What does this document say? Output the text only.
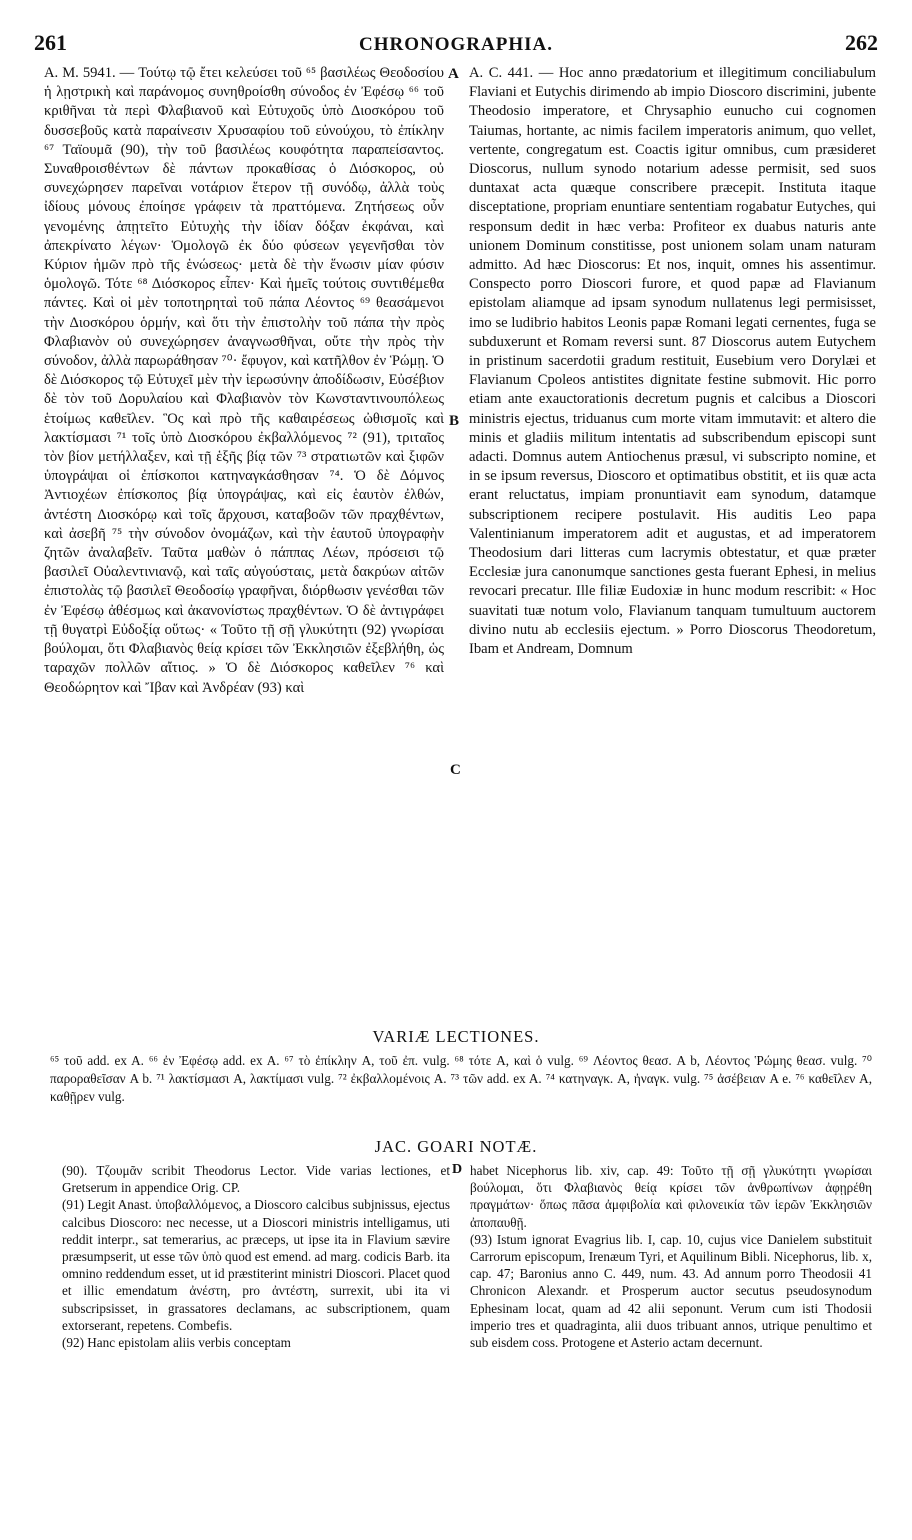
261	CHRONOGRAPHIA.	262

A. M. 5941. — Τούτῳ τῷ ἔτει κελεύσει τοῦ ⁶⁵ βασιλέως Θεοδοσίου ἡ λῃστρικὴ καὶ παράνομος συνηθροίσθη σύνοδος ἐν Ἐφέσῳ ⁶⁶ τοῦ κριθῆναι τὰ περὶ Φλαβιανοῦ καὶ Εὐτυχοῦς ὑπὸ Διοσκόρου τοῦ δυσσεβοῦς κατὰ παραίνεσιν Χρυσαφίου τοῦ εὐνούχου, τὸ ἐπίκλην ⁶⁷ Ταϊουμᾶ (90), τὴν τοῦ βασιλέως κουφότητα παραπείσαντος. Συναθροισθέντων δὲ πάντων προκαθίσας ὁ Διόσκορος, οὐ συνεχώρησεν παρεῖναι νοτάριον ἕτερον τῇ συνόδῳ, ἀλλὰ τοὺς ἰδίους μόνους ἐποίησε γράφειν τὰ πραττόμενα. Ζητήσεως οὖν γενομένης ἀπῃτεῖτο Εὐτυχὴς τὴν ἰδίαν δόξαν ἐκφάναι, καὶ ἀπεκρίνατο λέγων· Ὁμολογῶ ἐκ δύο φύσεων γεγενῆσθαι τὸν Κύριον ἡμῶν πρὸ τῆς ἑνώσεως· μετὰ δὲ τὴν ἕνωσιν μίαν φύσιν ὁμολογῶ. Τότε ⁶⁸ Διόσκορος εἶπεν· Καὶ ἡμεῖς τούτοις συντιθέμεθα πάντες. Καὶ οἱ μὲν τοποτηρηταὶ τοῦ πάπα Λέοντος ⁶⁹ θεασάμενοι τὴν Διοσκόρου ὁρμήν, καὶ ὅτι τὴν ἐπιστολὴν τοῦ πάπα τὴν πρὸς Φλαβιανὸν οὐ συνεχώρησεν ἀναγνωσθῆναι, οὔτε τὴν πρὸς τὴν σύνοδον, ἀλλὰ παρωράθησαν ⁷⁰· ἔφυγον, καὶ κατῆλθον ἐν Ῥώμῃ. Ὁ δὲ Διόσκορος τῷ Εὐτυχεῖ μὲν τὴν ἱερωσύνην ἀποδίδωσιν, Εὐσέβιον δὲ τὸν τοῦ Δορυλαίου καὶ Φλαβιανὸν τὸν Κωνσταντινουπόλεως ἑτοίμως καθεῖλεν. Ὃς καὶ πρὸ τῆς καθαιρέσεως ὠθισμοῖς καὶ λακτίσμασι ⁷¹ τοῖς ὑπὸ Διοσκόρου ἐκβαλλόμενος ⁷² (91), τριταῖος τὸν βίον μετήλλαξεν, καὶ τῇ ἑξῆς βίᾳ τῶν ⁷³ στρατιωτῶν καὶ ξιφῶν ὑπογράψαι οἱ ἐπίσκοποι κατηναγκάσθησαν ⁷⁴. Ὁ δὲ Δόμνος Ἀντιοχέων ἐπίσκοπος βίᾳ ὑπογράψας, καὶ εἰς ἑαυτὸν ἐλθών, ἀντέστη Διοσκόρῳ καὶ τοῖς ἄρχουσι, καταβοῶν τῶν πραχθέντων, καὶ ἀσεβῆ ⁷⁵ τὴν σύνοδον ὀνομάζων, καὶ τὴν ἑαυτοῦ ὑπογραφὴν ζητῶν ἀναλαβεῖν. Ταῦτα μαθὼν ὁ πάππας Λέων, πρόσεισι τῷ βασιλεῖ Οὐαλεντινιανῷ, καὶ ταῖς αὐγούσταις, μετὰ δακρύων αἰτῶν ἐπιστολὰς τῷ βασιλεῖ Θεοδοσίῳ γραφῆναι, διόρθωσιν γενέσθαι τῶν ἐν Ἐφέσῳ ἀθέσμως καὶ ἀκανονίστως πραχθέντων. Ὁ δὲ ἀντιγράφει τῇ θυγατρὶ Εὐδοξίᾳ οὕτως· « Τοῦτο τῇ σῇ γλυκύτητι (92) γνωρίσαι βούλομαι, ὅτι Φλαβιανὸς θείᾳ κρίσει τῶν Ἐκκλησιῶν ἐξεβλήθη, ὡς ταραχῶν πολλῶν αἴτιος. » Ὁ δὲ Διόσκορος καθεῖλεν ⁷⁶ καὶ Θεοδώρητον καὶ Ἴβαν καὶ Ἀνδρέαν (93) καὶ

A
B
C

A. C. 441. — Hoc anno prædatorium et illegitimum conciliabulum Flaviani et Eutychis dirimendo ab impio Dioscoro discrimini, jubente Theodosio imperatore, et Chrysaphio eunucho cui cognomen Taiumas, hortante, ac nimis facilem imperatoris animum, quo vellet, vertente, congregatum est. Coactis igitur omnibus, cum præsideret Dioscorus, nullum synodo notarium adesse permisit, sed suos duntaxat acta quæque conscribere præcepit. Instituta itaque disceptatione, propriam enuntiare sententiam rogabatur Eutyches, qui responsum dedit in hæc verba: Profiteor ex duabus naturis ante unionem Dominum constitisse, post unionem solam unam naturam admitto. Ad hæc Dioscorus: Et nos, inquit, omnes his assentimur. Conspecto porro Dioscori furore, et quod papæ ad Flavianum epistolam aliamque ad ipsam synodum nullatenus legi permisisset, imo se ludibrio habitos Leonis papæ Romani legati cernentes, fuga se subduxerunt et Romam reversi sunt. 87 Dioscorus autem Eutychem in pristinum sacerdotii gradum restituit, Eusebium vero Dorylæi et Flavianum Cpoleos antistites dignitate festine submovit. Hic porro etiam ante exauctorationis decretum pugnis et calcibus a Dioscori ministris ejectus, triduanus cum morte vitam immutavit: et altero die minis et gladiis militum intentatis ad subscribendum episcopi sunt adacti. Domnus autem Antiochenus præsul, vi subscripto nomine, et in se ipsum reversus, Dioscoro et optimatibus obstitit, et iis quæ acta erant reluctatus, impiam pronuntiavit eam synodum, datamque subscriptionem recipere postulavit. His auditis Leo papa Valentinianum imperatorem adit et augustas, et ad imperatorem Theodosium dari litteras cum lacrymis obtestatur, et quæ præter Ecclesiæ jura canonumque sanctiones gesta fuerant Ephesi, in melius revocari precatur. Ille filiæ Eudoxiæ in hunc modum rescribit: « Hoc suavitati tuæ notum volo, Flavianum tanquam tumultuum auctorem divino nutu ab ecclesiis ejectum. » Porro Dioscorus Theodoretum, Ibam et Andream, Domnum

VARIÆ LECTIONES.
⁶⁵ τοῦ add. ex A. ⁶⁶ ἐν Ἐφέσῳ add. ex A. ⁶⁷ τὸ ἐπίκλην A, τοῦ ἐπ. vulg. ⁶⁸ τότε A, καὶ ὁ vulg. ⁶⁹ Λέοντος θεασ. A b, Λέοντος Ῥώμης θεασ. vulg. ⁷⁰ παροραθεῖσαν A b. ⁷¹ λακτίσμασι A, λακτίμασι vulg. ⁷² ἐκβαλλομένοις A. ⁷³ τῶν add. ex A. ⁷⁴ κατηναγκ. A, ἠναγκ. vulg. ⁷⁵ ἀσέβειαν A e. ⁷⁶ καθεῖλεν A, καθῇρεν vulg.
JAC. GOARI NOTÆ.
D

(90). Τζουμᾶν scribit Theodorus Lector. Vide varias lectiones, et Gretserum in appendice Orig. CP.

(91) Legit Anast. ὑποβαλλόμενος, a Dioscoro calcibus subjnissus, ejectus calcibus Dioscoro: nec necesse, ut a Dioscori ministris intelligamus, uti reddit interpr., sat temerarius, ac præceps, ut ipse ita in Flavium sævire præsumpserit, ut esse τῶν ὑπὸ quod est emend. ad marg. codicis Barb. ita omnino reddendum esset, ut id præstiterint ministri Dioscori. Placet quod et illic emendatum ἀνέστη, pro ἀντέστη, surrexit, ubi ita vi subscripsisset, in grassatores declamans, ac subscriptionem, quam extorserant, repetens. Combefis.

(92) Hanc epistolam aliis verbis conceptam

habet Nicephorus lib. xiv, cap. 49: Τοῦτο τῇ σῇ γλυκύτητι γνωρίσαι βούλομαι, ὅτι Φλαβιανὸς θείᾳ κρίσει τῶν ἀνθρωπίνων ἀφῃρέθη πραγμάτων· ὅπως πᾶσα ἀμφιβολία καὶ φιλονεικία τῶν ἱερῶν Ἐκκλησιῶν ἀποπαυθῇ.

(93) Istum ignorat Evagrius lib. I, cap. 10, cujus vice Danielem substituit Carrorum episcopum, Irenæum Tyri, et Aquilinum Bibli. Nicephorus, lib. x, cap. 47; Baronius anno C. 449, num. 43. Ad annum porro Theodosii 41 Chronicon Alexandr. et Prosperum auctor secutus pseudosynodum Ephesinam locat, quam ad 42 alii seponunt. Verum cum isti Thodosii imperio tres et quadraginta, alii duos tribuant annos, utrique penultimo et sub eisdem coss. Protogene et Asterio actam decernunt.
